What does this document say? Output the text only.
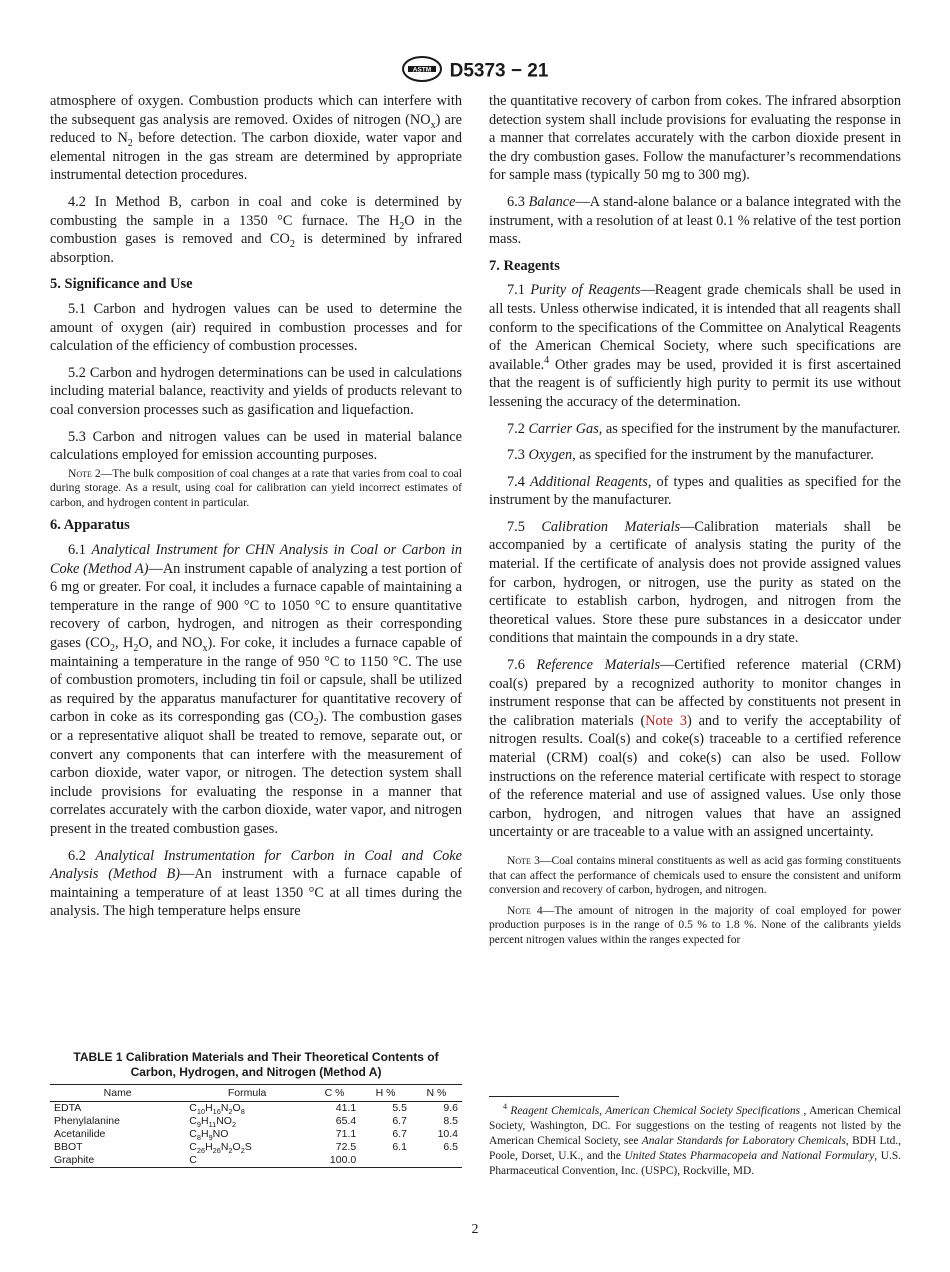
ASTM D5373 − 21

atmosphere of oxygen. Combustion products which can interfere with the subsequent gas analysis are removed. Oxides of nitrogen $(NO_x)$ are reduced to $N_2$ before detection. The carbon dioxide, water vapor and elemental nitrogen in the gas stream are determined by appropriate instrumental detection procedures.

4.2 In Method B, carbon in coal and coke is determined by combusting the sample in a 1350 °C furnace. The $H_2O$ in the combustion gases is removed and $CO_2$ is determined by infrared absorption.

5. Significance and Use

5.1 Carbon and hydrogen values can be used to determine the amount of oxygen (air) required in combustion processes and for calculation of the efficiency of combustion processes.

5.2 Carbon and hydrogen determinations can be used in calculations including material balance, reactivity and yields of products relevant to coal conversion processes such as gasification and liquefaction.

5.3 Carbon and nitrogen values can be used in material balance calculations employed for emission accounting purposes.

Note 2—The bulk composition of coal changes at a rate that varies from coal to coal during storage. As a result, using coal for calibration can yield incorrect estimates of carbon, and hydrogen content in particular.
6. Apparatus

6.1 Analytical Instrument for CHN Analysis in Coal or Carbon in Coke (Method A)—An instrument capable of analyzing a test portion of 6 mg or greater. For coal, it includes a furnace capable of maintaining a temperature in the range of 900 °C to 1050 °C to ensure quantitative recovery of carbon, hydrogen, and nitrogen as their corresponding gases ($CO_2$, $H_2O$, and $NO_x$). For coke, it includes a furnace capable of maintaining a temperature in the range of 950 °C to 1150 °C. The use of combustion promoters, including tin foil or capsule, shall be utilized as required by the apparatus manufacturer for quantitative recovery of carbon in coke as its corresponding gas $(CO_2)$. The combustion gases or a representative aliquot shall be treated to remove, separate out, or convert any components that can interfere with the measurement of carbon dioxide, water vapor, or nitrogen. The detection system shall include provisions for evaluating the response in a manner that correlates accurately with the carbon dioxide, water vapor, and nitrogen present in the treated combustion gases.

6.2 Analytical Instrumentation for Carbon in Coal and Coke Analysis (Method B)—An instrument with a furnace capable of maintaining a temperature of at least 1350 °C at all times during the analysis. The high temperature helps ensure

TABLE 1 Calibration Materials and Their Theoretical Contents of Carbon, Hydrogen, and Nitrogen (Method A)
Name	Formula	C %	H %	N %
EDTA	$C_{10}H_{16}N_2O_8$	41.1	5.5	9.6
Phenylalanine	$C_9H_{11}NO_2$	65.4	6.7	8.5
Acetanilide	$C_8H_9NO$	71.1	6.7	10.4
BBOT	$C_{26}H_{26}N_2O_2S$	72.5	6.1	6.5
Graphite	C	100.0		

the quantitative recovery of carbon from cokes. The infrared absorption detection system shall include provisions for evaluating the response in a manner that correlates accurately with the carbon dioxide present in the dry combustion gases. Follow the manufacturer’s recommendations for sample mass (typically 50 mg to 300 mg).

6.3 Balance—A stand-alone balance or a balance integrated with the instrument, with a resolution of at least 0.1 % relative of the test portion mass.

7. Reagents

7.1 Purity of Reagents—Reagent grade chemicals shall be used in all tests. Unless otherwise indicated, it is intended that all reagents shall conform to the specifications of the Committee on Analytical Reagents of the American Chemical Society, where such specifications are available.$^4$ Other grades may be used, provided it is first ascertained that the reagent is of sufficiently high purity to permit its use without lessening the accuracy of the determination.

7.2 Carrier Gas, as specified for the instrument by the manufacturer.

7.3 Oxygen, as specified for the instrument by the manufacturer.

7.4 Additional Reagents, of types and qualities as specified for the instrument by the manufacturer.

7.5 Calibration Materials—Calibration materials shall be accompanied by a certificate of analysis stating the purity of the material. If the certificate of analysis does not provide assigned values for carbon, hydrogen, or nitrogen, use the purity as stated on the certificate to establish carbon, hydrogen, and nitrogen from the theoretical values. Store these pure substances in a desiccator under conditions that maintain the compounds in a dry state.

7.6 Reference Materials—Certified reference material (CRM) coal(s) prepared by a recognized authority to monitor changes in instrument response that can be affected by constituents not present in the calibration materials (Note 3) and to verify the acceptability of nitrogen results. Coal(s) and coke(s) traceable to a certified reference material (CRM) coal(s) and coke(s) can also be used. Follow instructions on the reference material certificate with respect to storage of the reference material and use of assigned values. Use only those carbon, hydrogen, and nitrogen values that have an assigned uncertainty or are traceable to a value with an assigned uncertainty.

Note 3—Coal contains mineral constituents as well as acid gas forming constituents that can affect the performance of chemicals used to ensure the consistent and uniform conversion and recovery of carbon, hydrogen, and nitrogen.
Note 4—The amount of nitrogen in the majority of coal employed for power production purposes is in the range of 0.5 % to 1.8 %. None of the calibrants yields percent nitrogen values within the ranges expected for

$^4$ Reagent Chemicals, American Chemical Society Specifications , American Chemical Society, Washington, DC. For suggestions on the testing of reagents not listed by the American Chemical Society, see Analar Standards for Laboratory Chemicals, BDH Ltd., Poole, Dorset, U.K., and the United States Pharmacopeia and National Formulary, U.S. Pharmaceutical Convention, Inc. (USPC), Rockville, MD.

2
